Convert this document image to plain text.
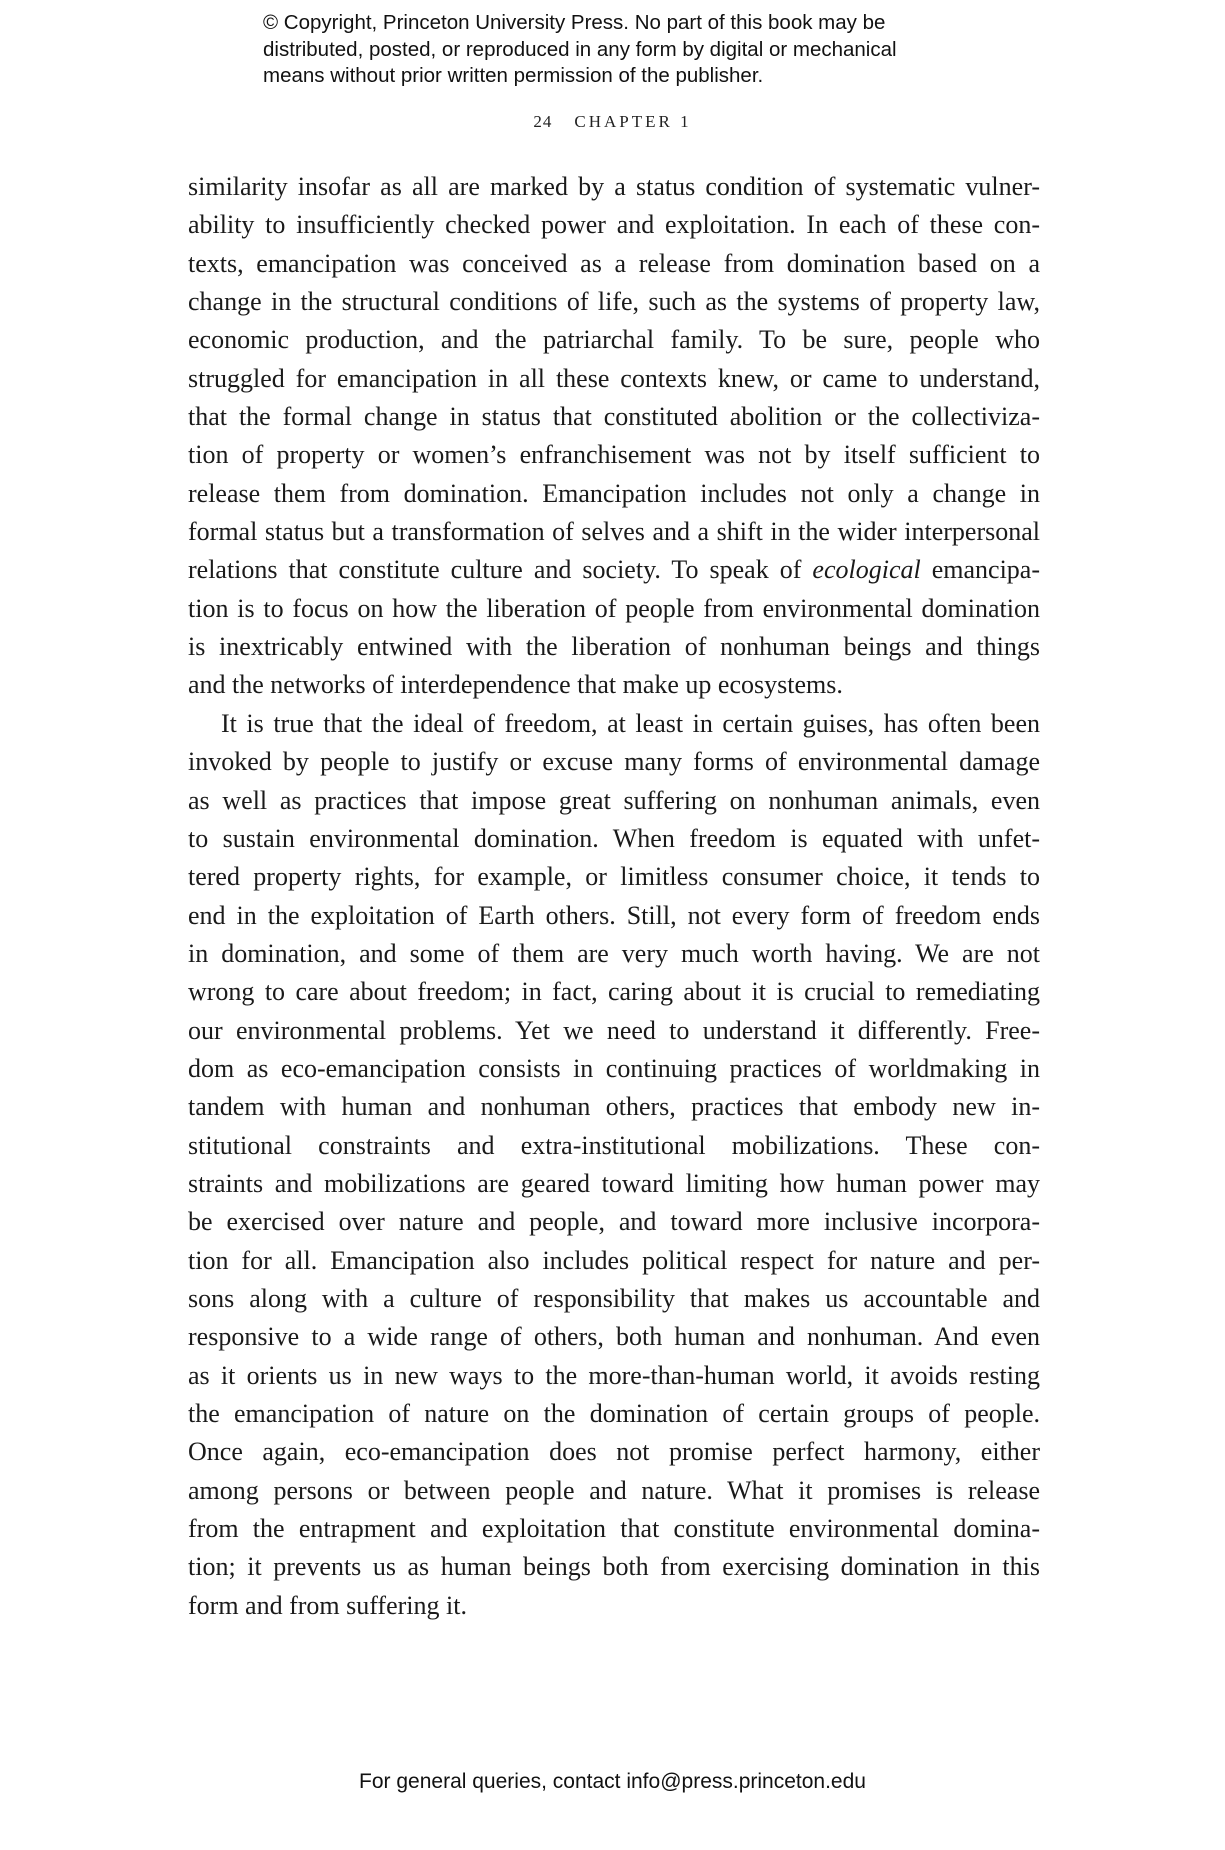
© Copyright, Princeton University Press. No part of this book may be
distributed, posted, or reproduced in any form by digital or mechanical
means without prior written permission of the publisher.
24 CHAPTER 1
similarity insofar as all are marked by a status condition of systematic vulner-
ability to insufficiently checked power and exploitation. In each of these con-
texts, emancipation was conceived as a release from domination based on a
change in the structural conditions of life, such as the systems of property law,
economic production, and the patriarchal family. To be sure, people who
struggled for emancipation in all these contexts knew, or came to understand,
that the formal change in status that constituted abolition or the collectiviza-
tion of property or women’s enfranchisement was not by itself sufficient to
release them from domination. Emancipation includes not only a change in
formal status but a transformation of selves and a shift in the wider interpersonal
relations that constitute culture and society. To speak of ecological emancipa-
tion is to focus on how the liberation of people from environmental domination
is inextricably entwined with the liberation of nonhuman beings and things
and the networks of interdependence that make up ecosystems.
It is true that the ideal of freedom, at least in certain guises, has often been
invoked by people to justify or excuse many forms of environmental damage
as well as practices that impose great suffering on nonhuman animals, even
to sustain environmental domination. When freedom is equated with unfet-
tered property rights, for example, or limitless consumer choice, it tends to
end in the exploitation of Earth others. Still, not every form of freedom ends
in domination, and some of them are very much worth having. We are not
wrong to care about freedom; in fact, caring about it is crucial to remediating
our environmental problems. Yet we need to understand it differently. Free-
dom as eco-emancipation consists in continuing practices of worldmaking in
tandem with human and nonhuman others, practices that embody new in-
stitutional constraints and extra-institutional mobilizations. These con-
straints and mobilizations are geared toward limiting how human power may
be exercised over nature and people, and toward more inclusive incorpora-
tion for all. Emancipation also includes political respect for nature and per-
sons along with a culture of responsibility that makes us accountable and
responsive to a wide range of others, both human and nonhuman. And even
as it orients us in new ways to the more-than-human world, it avoids resting
the emancipation of nature on the domination of certain groups of people.
Once again, eco-emancipation does not promise perfect harmony, either
among persons or between people and nature. What it promises is release
from the entrapment and exploitation that constitute environmental domina-
tion; it prevents us as human beings both from exercising domination in this
form and from suffering it.
For general queries, contact info@press.princeton.edu
